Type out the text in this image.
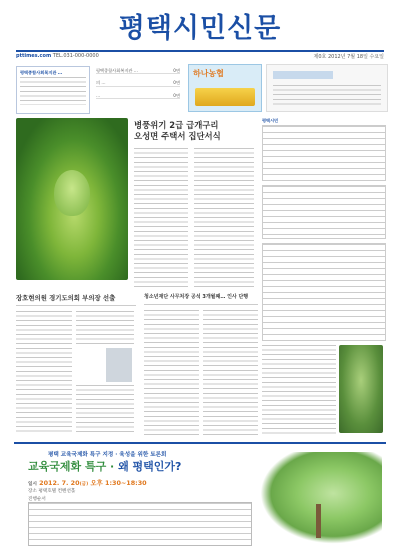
평택시민신문
pttimes.com TEL.031-000-0000	제0호 2012년 7월 18일 수요일
평택종합사회복지관 …	평택종합사회복지관 …	0면
의 …	0면
…	0면
하나농협
병풍위기 2급 급개구리
오성면 주택서 집단서식
평택시민
장호현의원 경기도의회 부의장 선출	청소년재단 사무처장 공석 3개월째… 인사 단행
평택 교육국제화 특구 지정 · 육성을 위한 토론회
교육국제화 특구 · 왜 평택인가?
일시 2012. 7. 20(금) 오후 1:30~18:30
장소 평택호텔 컨벤션홀
진행순서
